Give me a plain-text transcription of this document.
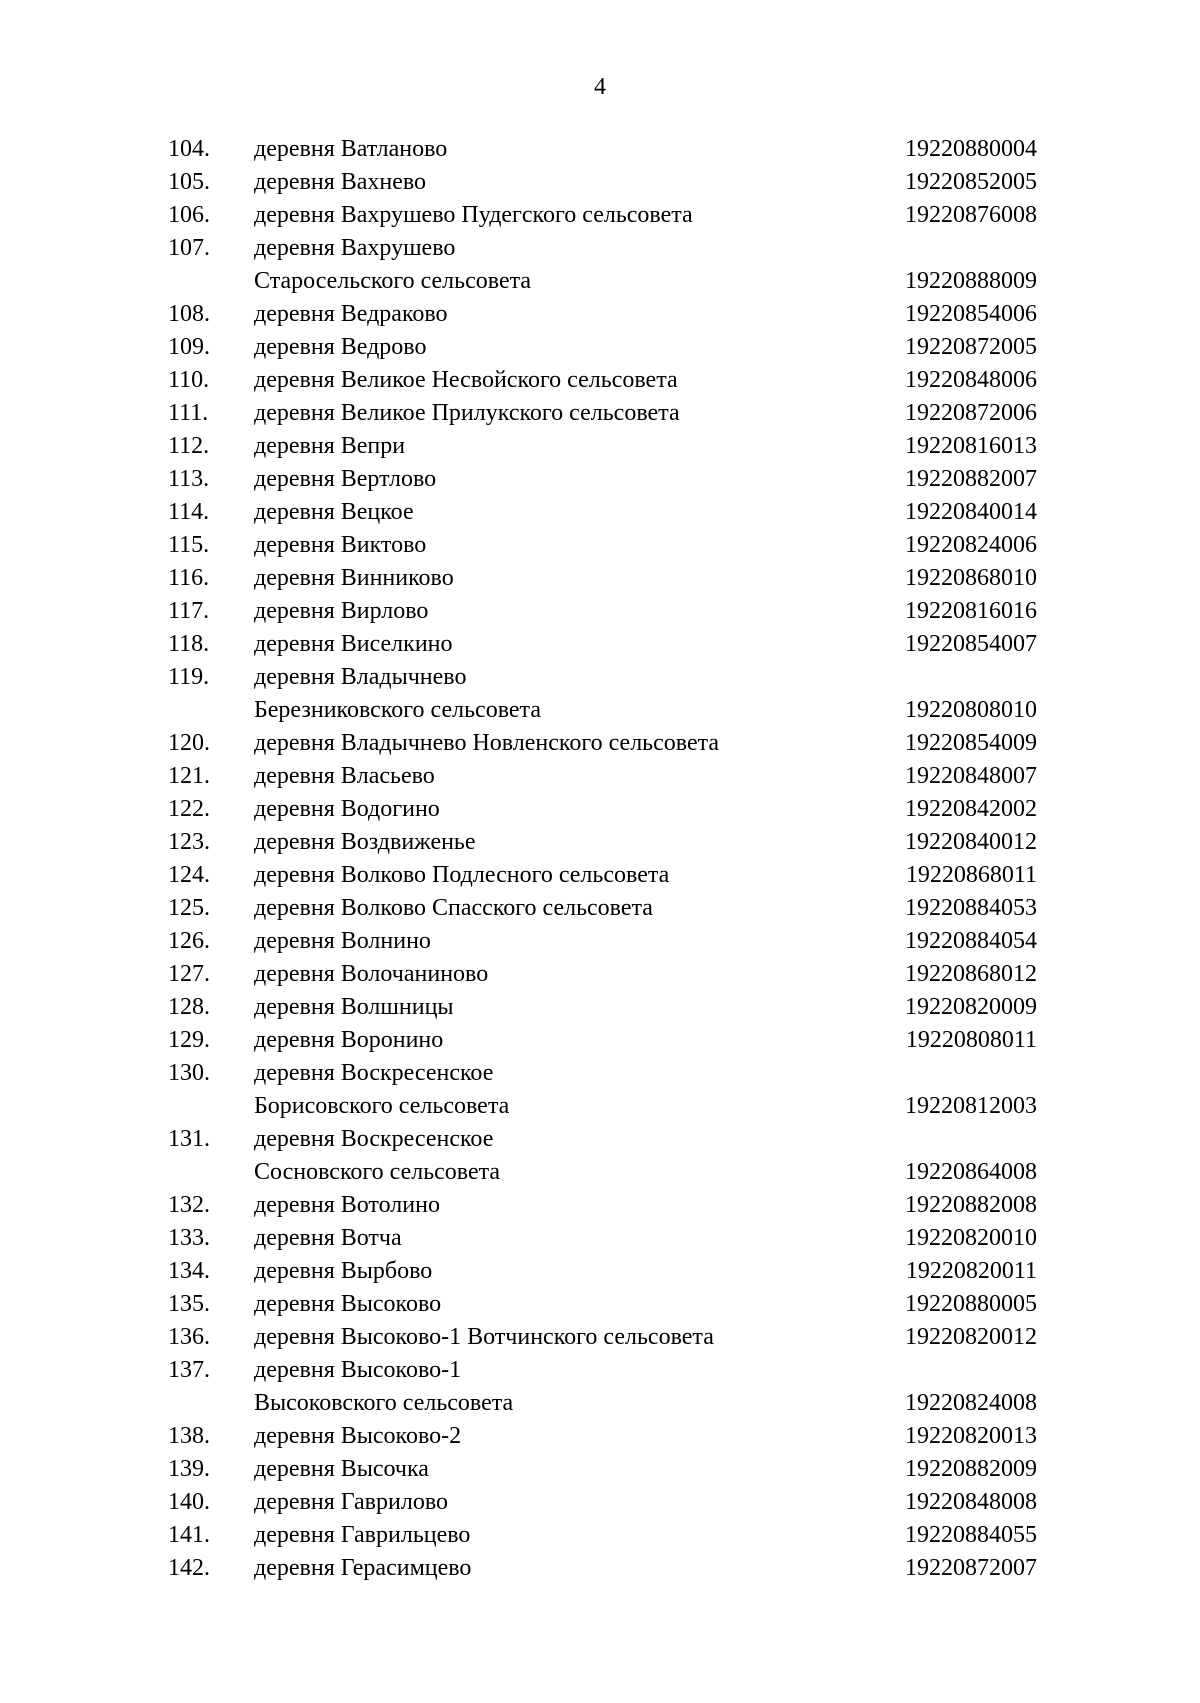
4
104. деревня Ватланово	19220880004
105. деревня Вахнево	19220852005
106. деревня Вахрушево Пудегского сельсовета	19220876008
107. деревня Вахрушево
Старосельского сельсовета	19220888009
108. деревня Ведраково	19220854006
109. деревня Ведрово	19220872005
110. деревня Великое Несвойского сельсовета	19220848006
111. деревня Великое Прилукского сельсовета	19220872006
112. деревня Вепри	19220816013
113. деревня Вертлово	19220882007
114. деревня Вецкое	19220840014
115. деревня Виктово	19220824006
116. деревня Винниково	19220868010
117. деревня Вирлово	19220816016
118. деревня Виселкино	19220854007
119. деревня Владычнево
Березниковского сельсовета	19220808010
120. деревня Владычнево Новленского сельсовета	19220854009
121. деревня Власьево	19220848007
122. деревня Водогино	19220842002
123. деревня Воздвиженье	19220840012
124. деревня Волково Подлесного сельсовета	19220868011
125. деревня Волково Спасского сельсовета	19220884053
126. деревня Волнино	19220884054
127. деревня Волочаниново	19220868012
128. деревня Волшницы	19220820009
129. деревня Воронино	19220808011
130. деревня Воскресенское
Борисовского сельсовета	19220812003
131. деревня Воскресенское
Сосновского сельсовета	19220864008
132. деревня Вотолино	19220882008
133. деревня Вотча	19220820010
134. деревня Вырбово	19220820011
135. деревня Высоково	19220880005
136. деревня Высоково-1 Вотчинского сельсовета	19220820012
137. деревня Высоково-1
Высоковского сельсовета	19220824008
138. деревня Высоково-2	19220820013
139. деревня Высочка	19220882009
140. деревня Гаврилово	19220848008
141. деревня Гаврильцево	19220884055
142. деревня Герасимцево	19220872007
